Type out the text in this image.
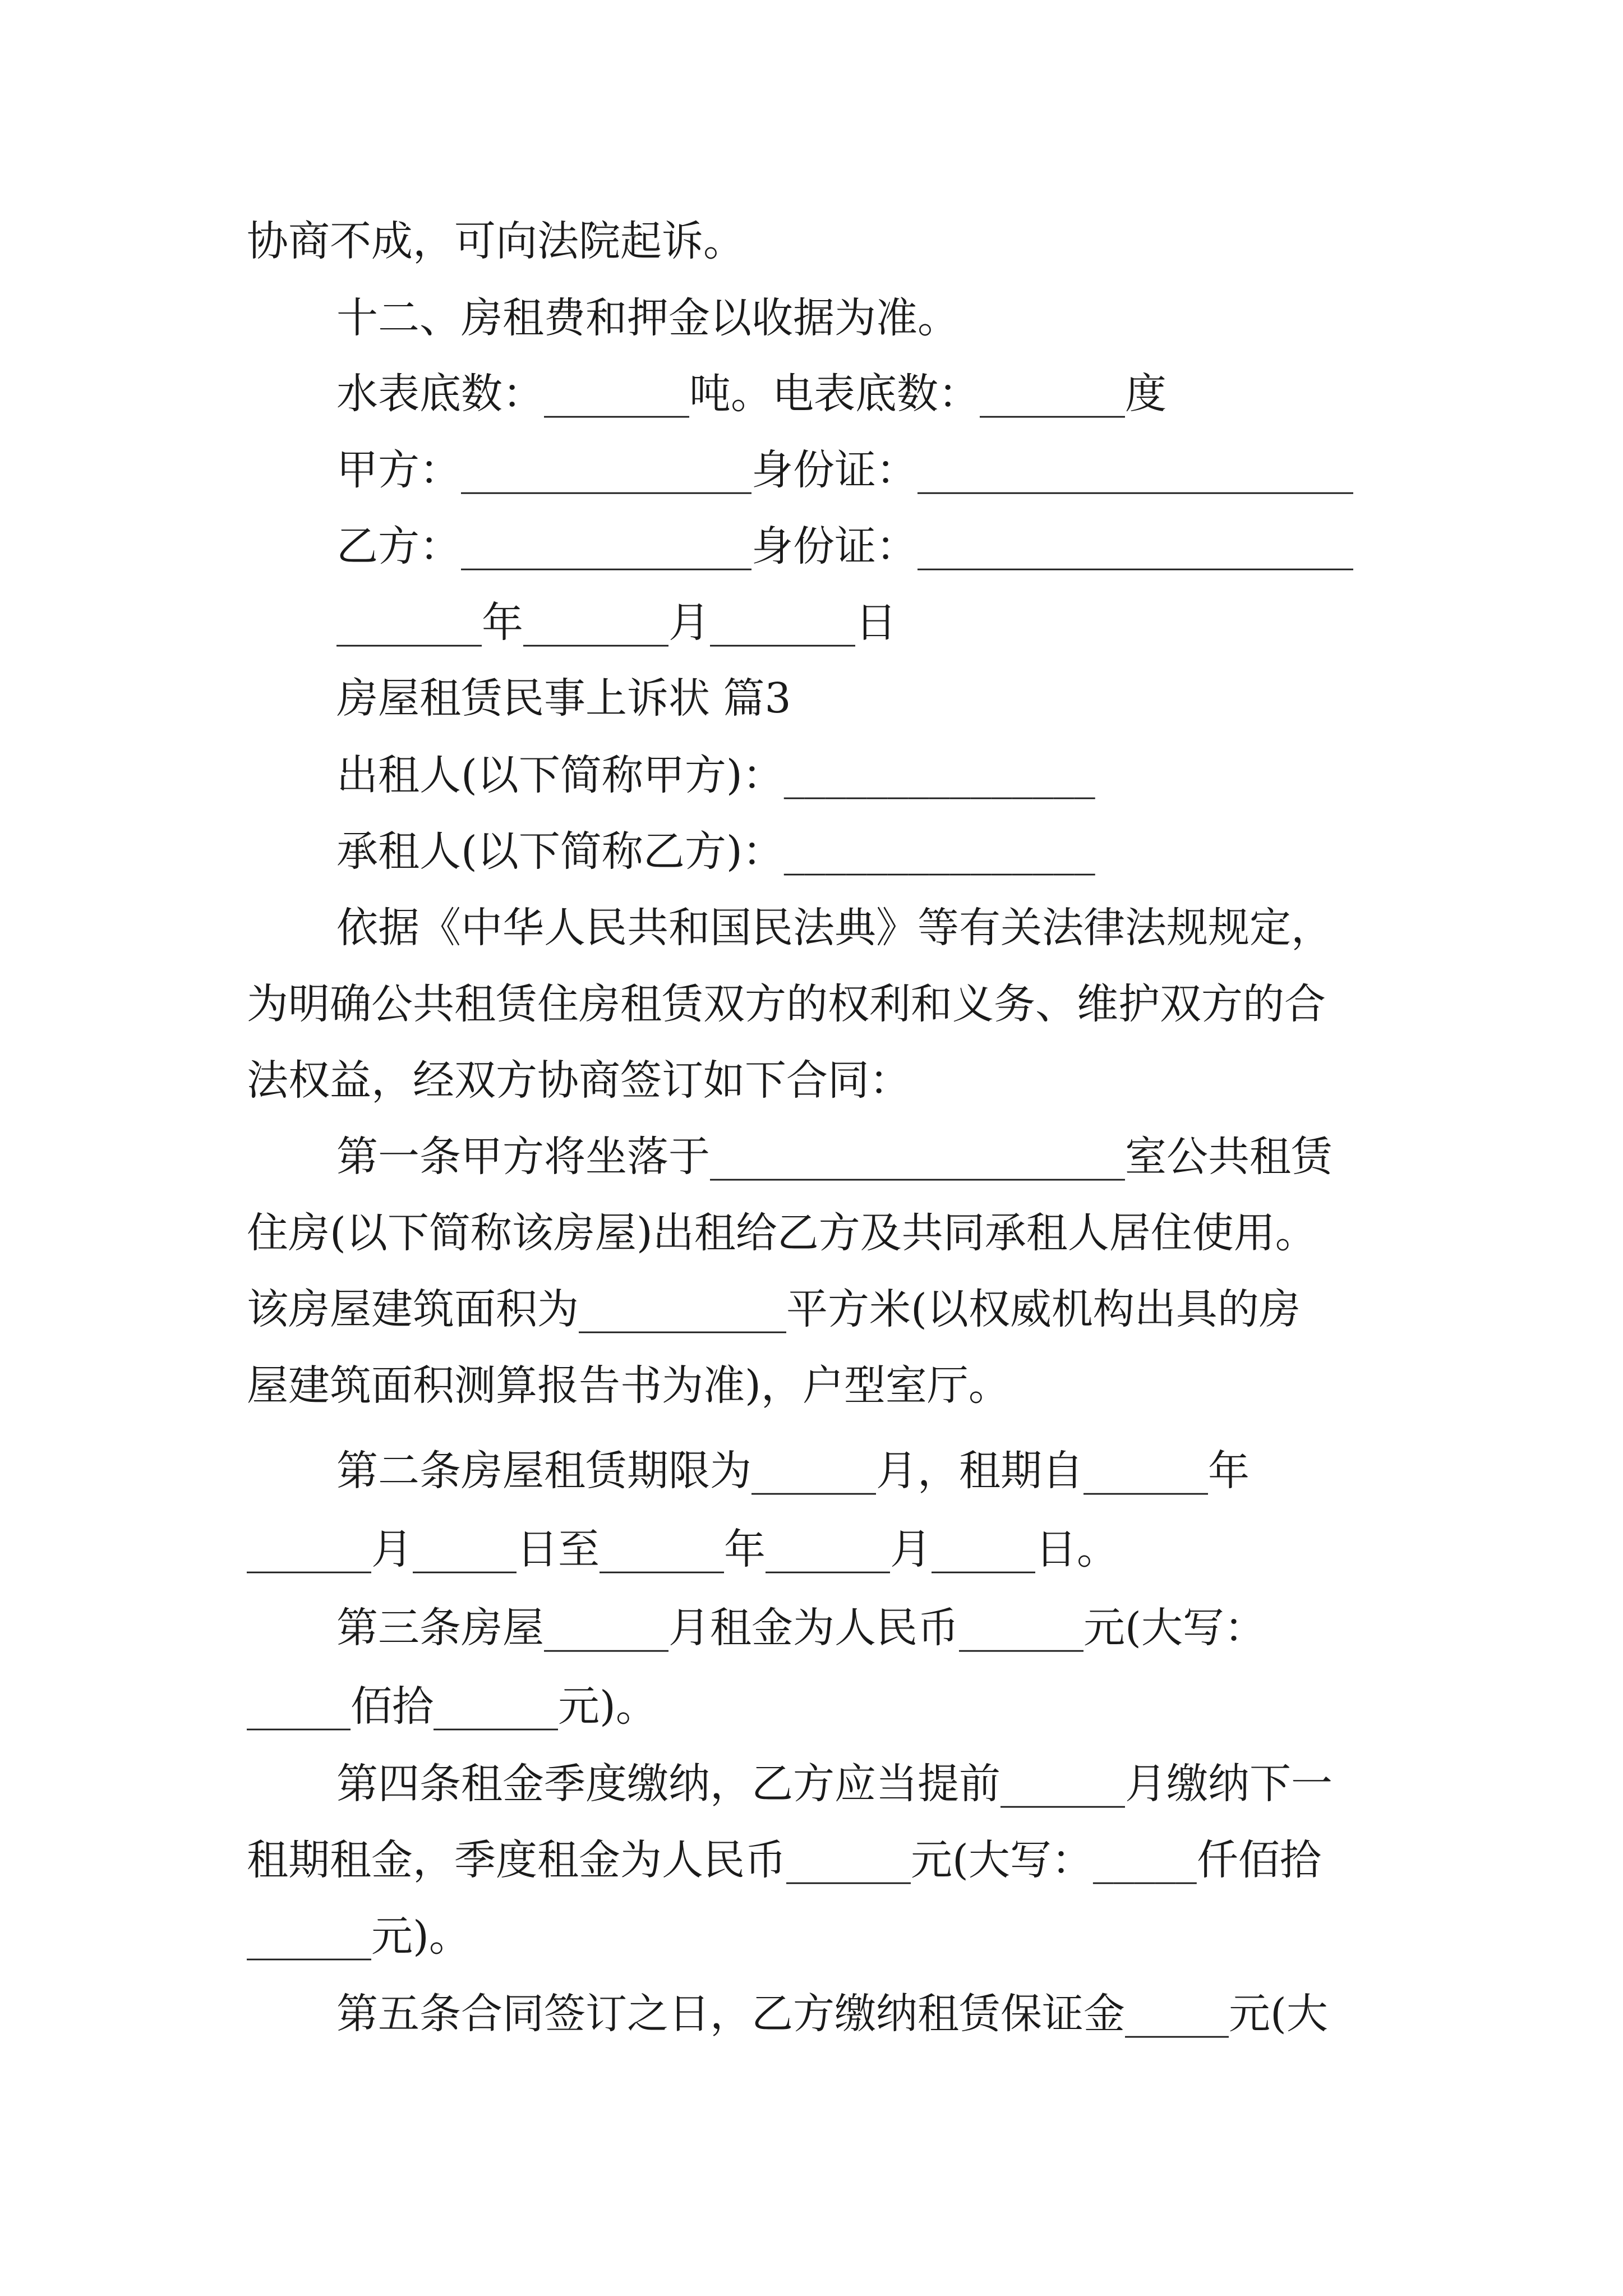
协商不成，可向法院起诉。

十二、房租费和押金以收据为准。

水表底数：_______吨。电表底数：_______度

甲方：______________身份证：_____________________

乙方：______________身份证：_____________________

_______年_______月_______日

房屋租赁民事上诉状 篇3

出租人(以下简称甲方)：_______________

承租人(以下简称乙方)：_______________

依据《中华人民共和国民法典》等有关法律法规规定，

为明确公共租赁住房租赁双方的权利和义务、维护双方的合

法权益，经双方协商签订如下合同：

第一条甲方将坐落于____________________室公共租赁

住房(以下简称该房屋)出租给乙方及共同承租人居住使用。

该房屋建筑面积为__________平方米(以权威机构出具的房

屋建筑面积测算报告书为准)，户型室厅。

第二条房屋租赁期限为______月，租期自______年

______月_____日至______年______月_____日。

第三条房屋______月租金为人民币______元(大写：

_____佰拾______元)。

第四条租金季度缴纳，乙方应当提前______月缴纳下一

租期租金，季度租金为人民币______元(大写：_____仟佰拾

______元)。

第五条合同签订之日，乙方缴纳租赁保证金_____元(大
